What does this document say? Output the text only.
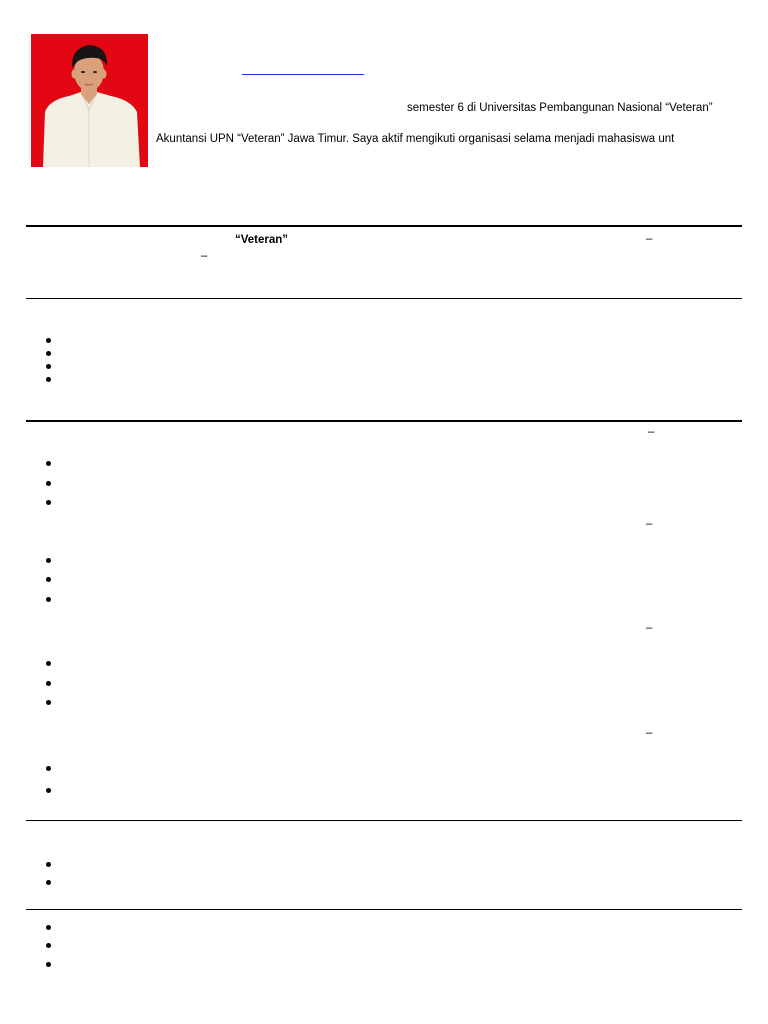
semester 6 di Universitas Pembangunan Nasional “Veteran”
Akuntansi UPN “Veteran” Jawa Timur. Saya aktif mengikuti organisasi selama menjadi mahasiswa unt
“Veteran”	–
–
–
–
–
–
